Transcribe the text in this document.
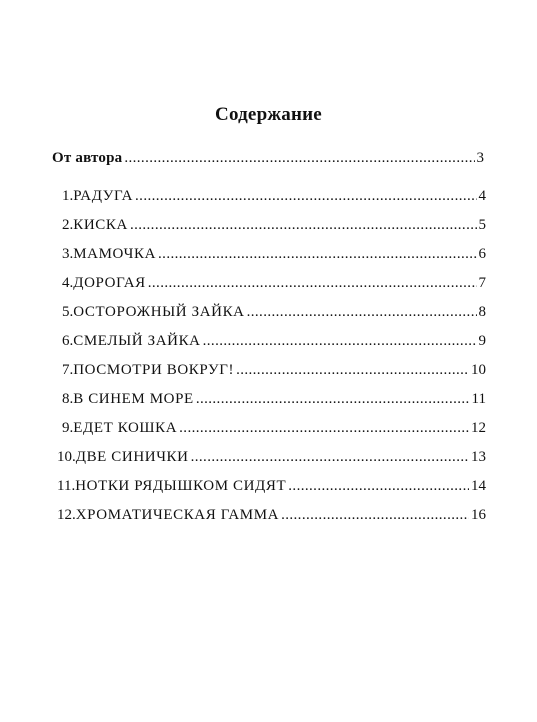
Содержание
От автора .....	3
1. РАДУГА .....	4
2. КИСКА .....	5
3. МАМОЧКА .....	6
4. ДОРОГАЯ .....	7
5. ОСТОРОЖНЫЙ ЗАЙКА .....	8
6. СМЕЛЫЙ ЗАЙКА .....	9
7. ПОСМОТРИ ВОКРУГ! .....	10
8. В СИНЕМ МОРЕ .....	11
9. ЕДЕТ КОШКА .....	12
10. ДВЕ СИНИЧКИ .....	13
11. НОТКИ РЯДЫШКОМ СИДЯТ .....	14
12. ХРОМАТИЧЕСКАЯ ГАММА .....	16
